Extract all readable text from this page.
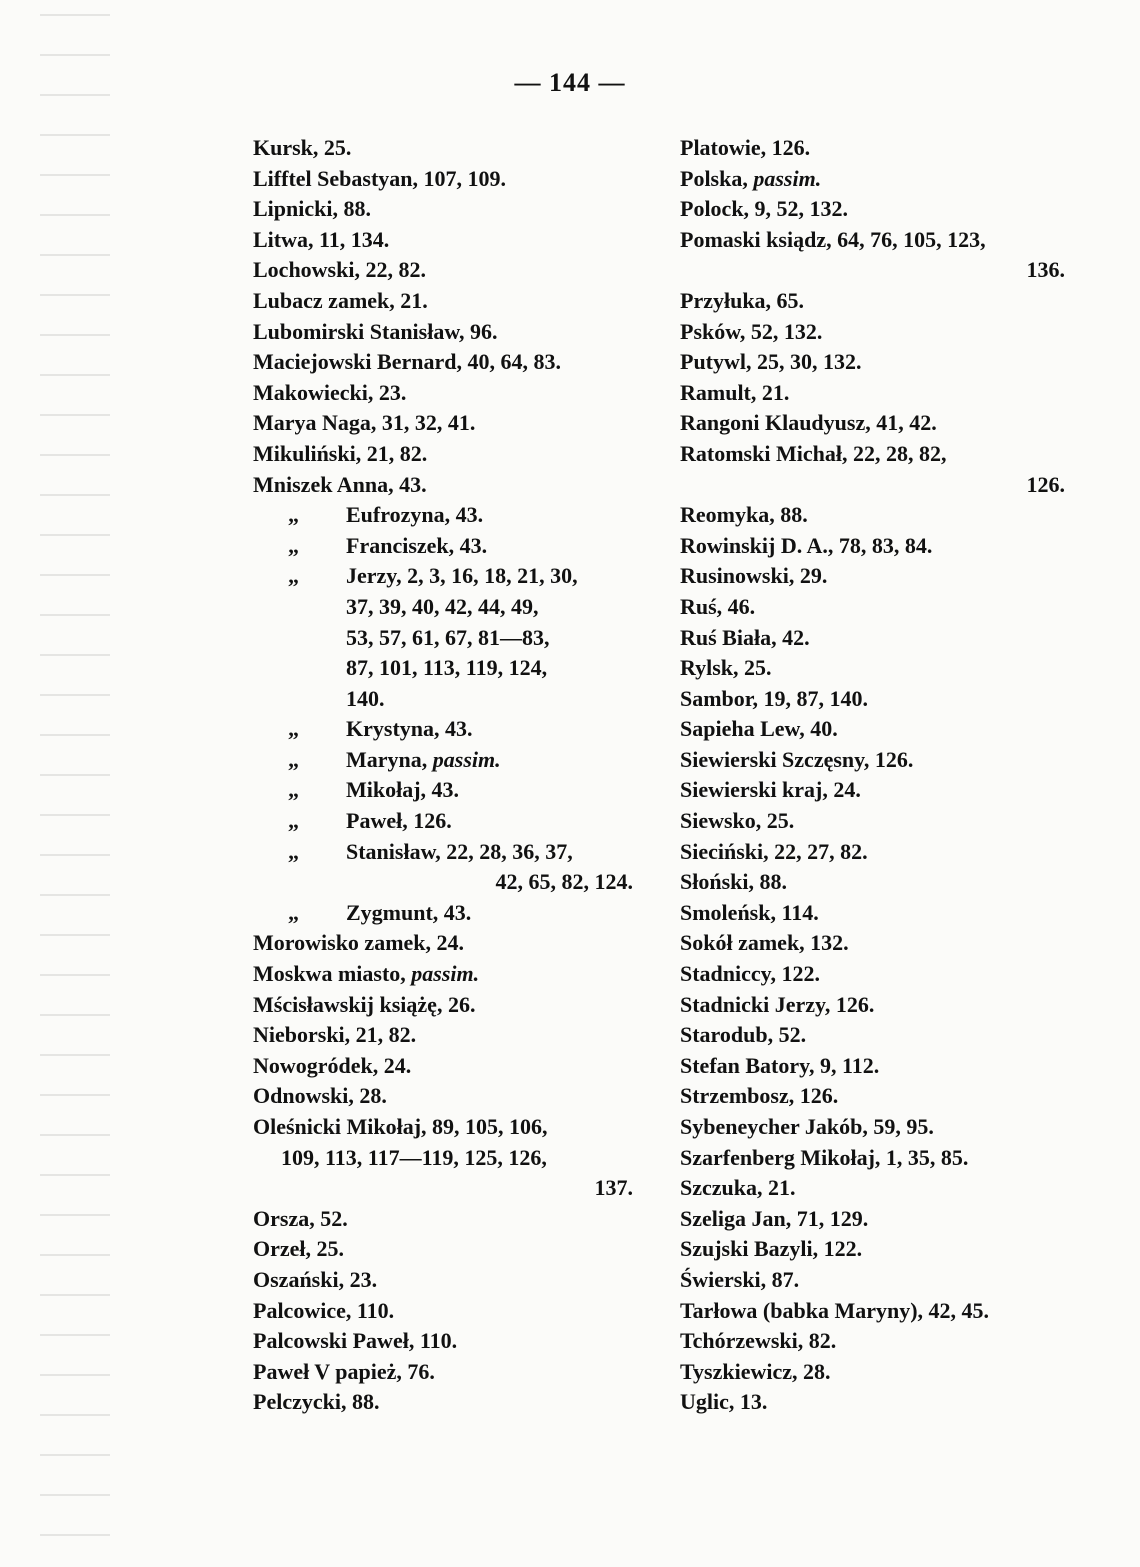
— 144 —
Kursk, 25.
Lifftel Sebastyan, 107, 109.
Lipnicki, 88.
Litwa, 11, 134.
Lochowski, 22, 82.
Lubacz zamek, 21.
Lubomirski Stanisław, 96.
Maciejowski Bernard, 40, 64, 83.
Makowiecki, 23.
Marya Naga, 31, 32, 41.
Mikuliński, 21, 82.
Mniszek Anna, 43.
„ Eufrozyna, 43.
„ Franciszek, 43.
„ Jerzy, 2, 3, 16, 18, 21, 30,
37, 39, 40, 42, 44, 49,
53, 57, 61, 67, 81—83,
87, 101, 113, 119, 124,
140.
„ Krystyna, 43.
„ Maryna, passim.
„ Mikołaj, 43.
„ Paweł, 126.
„ Stanisław, 22, 28, 36, 37,
42, 65, 82, 124.
„ Zygmunt, 43.
Morowisko zamek, 24.
Moskwa miasto, passim.
Mścisławskij książę, 26.
Nieborski, 21, 82.
Nowogródek, 24.
Odnowski, 28.
Oleśnicki Mikołaj, 89, 105, 106,
109, 113, 117—119, 125, 126,
137.
Orsza, 52.
Orzeł, 25.
Oszański, 23.
Palcowice, 110.
Palcowski Paweł, 110.
Paweł V papież, 76.
Pelczycki, 88.
Platowie, 126.
Polska, passim.
Polock, 9, 52, 132.
Pomaski ksiądz, 64, 76, 105, 123,
136.
Przyłuka, 65.
Psków, 52, 132.
Putywl, 25, 30, 132.
Ramult, 21.
Rangoni Klaudyusz, 41, 42.
Ratomski Michał, 22, 28, 82,
126.
Reomyka, 88.
Rowinskij D. A., 78, 83, 84.
Rusinowski, 29.
Ruś, 46.
Ruś Biała, 42.
Rylsk, 25.
Sambor, 19, 87, 140.
Sapieha Lew, 40.
Siewierski Szczęsny, 126.
Siewierski kraj, 24.
Siewsko, 25.
Sieciński, 22, 27, 82.
Słoński, 88.
Smoleńsk, 114.
Sokół zamek, 132.
Stadniccy, 122.
Stadnicki Jerzy, 126.
Starodub, 52.
Stefan Batory, 9, 112.
Strzembosz, 126.
Sybeneycher Jakób, 59, 95.
Szarfenberg Mikołaj, 1, 35, 85.
Szczuka, 21.
Szeliga Jan, 71, 129.
Szujski Bazyli, 122.
Świerski, 87.
Tarłowa (babka Maryny), 42, 45.
Tchórzewski, 82.
Tyszkiewicz, 28.
Uglic, 13.
